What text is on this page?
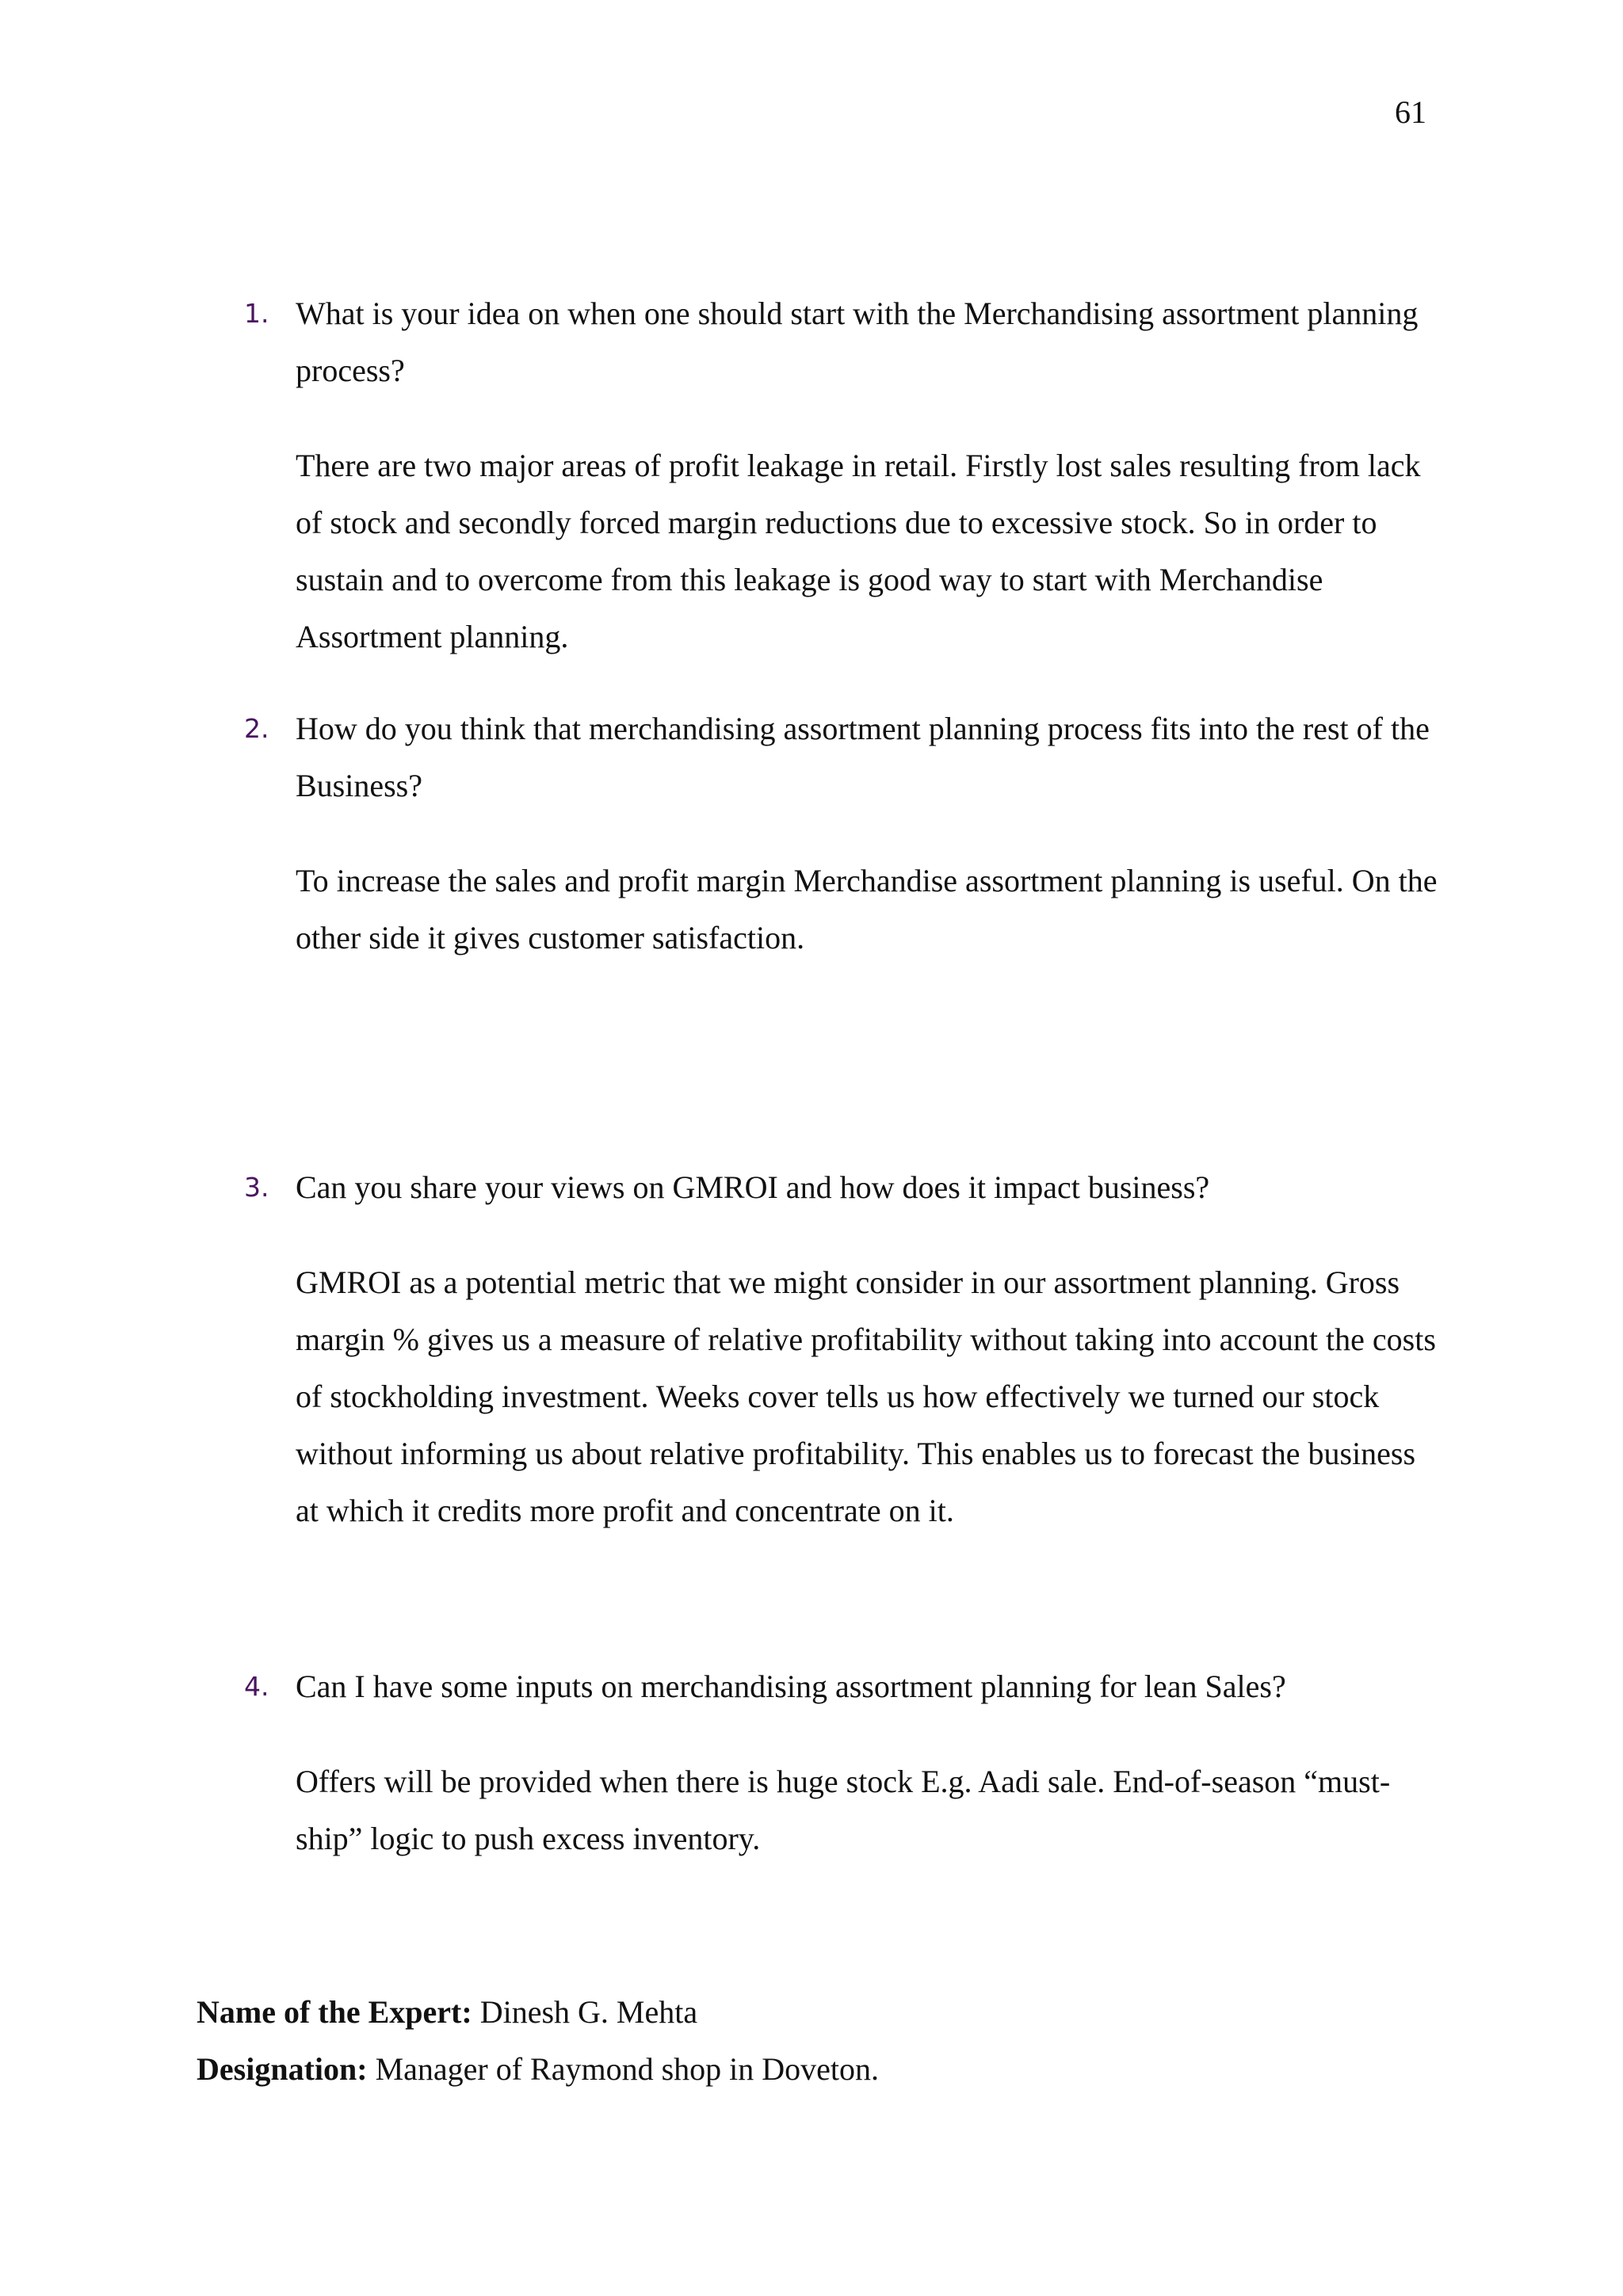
61
1. What is your idea on when one should start with the Merchandising assortment planning process?

There are two major areas of profit leakage in retail. Firstly lost sales resulting from lack of stock and secondly forced margin reductions due to excessive stock. So in order to sustain and to overcome from this leakage is good way to start with Merchandise Assortment planning.

2. How do you think that merchandising assortment planning process fits into the rest of the Business?

To increase the sales and profit margin Merchandise assortment planning is useful. On the other side it gives customer satisfaction.

3. Can you share your views on GMROI and how does it impact business?

GMROI as a potential metric that we might consider in our assortment planning. Gross margin % gives us a measure of relative profitability without taking into account the costs of stockholding investment. Weeks cover tells us how effectively we turned our stock without informing us about relative profitability. This enables us to forecast the business at which it credits more profit and concentrate on it.

4. Can I have some inputs on merchandising assortment planning for lean Sales?

Offers will be provided when there is huge stock E.g. Aadi sale. End-of-season “must-ship” logic to push excess inventory.

Name of the Expert: Dinesh G. Mehta

Designation: Manager of Raymond shop in Doveton.
